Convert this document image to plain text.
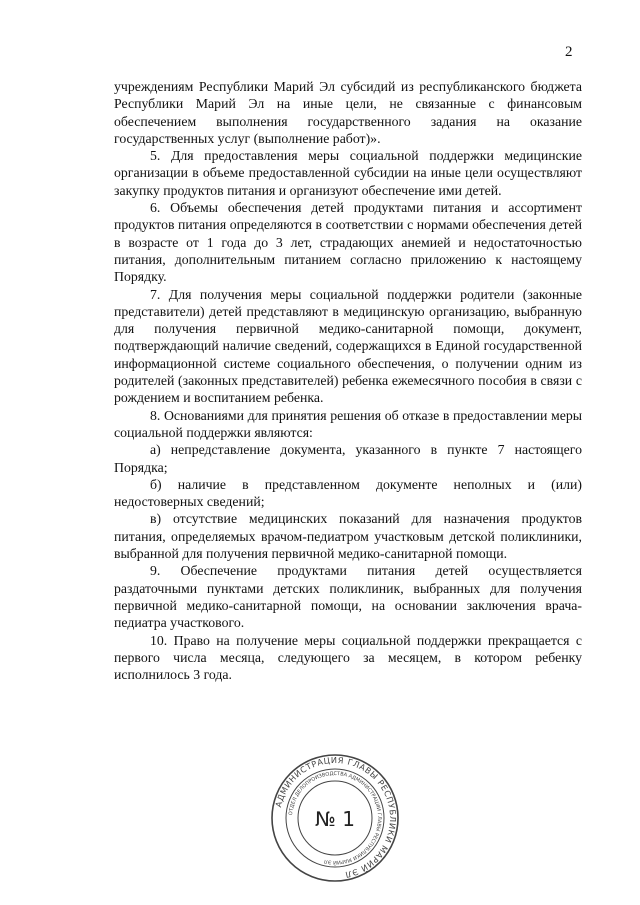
2

учреждениям Республики Марий Эл субсидий из республиканского бюджета Республики Марий Эл на иные цели, не связанные с финансовым обеспечением выполнения государственного задания на оказание государственных услуг (выполнение работ)».

5. Для предоставления меры социальной поддержки медицинские организации в объеме предоставленной субсидии на иные цели осуществляют закупку продуктов питания и организуют обеспечение ими детей.

6. Объемы обеспечения детей продуктами питания и ассортимент продуктов питания определяются в соответствии с нормами обеспечения детей в возрасте от 1 года до 3 лет, страдающих анемией и недостаточностью питания, дополнительным питанием согласно приложению к настоящему Порядку.

7. Для получения меры социальной поддержки родители (законные представители) детей представляют в медицинскую организацию, выбранную для получения первичной медико-санитарной помощи, документ, подтверждающий наличие сведений, содержащихся в Единой государственной информационной системе социального обеспечения, о получении одним из родителей (законных представителей) ребенка ежемесячного пособия в связи с рождением и воспитанием ребенка.

8. Основаниями для принятия решения об отказе в предоставлении меры социальной поддержки являются:

а) непредставление документа, указанного в пункте 7 настоящего Порядка;

б) наличие в представленном документе неполных и (или) недостоверных сведений;

в) отсутствие медицинских показаний для назначения продуктов питания, определяемых врачом-педиатром участковым детской поликлиники, выбранной для получения первичной медико-санитарной помощи.

9. Обеспечение продуктами питания детей осуществляется раздаточными пунктами детских поликлиник, выбранных для получения первичной медико-санитарной помощи, на основании заключения врача-педиатра участкового.

10. Право на получение меры социальной поддержки прекращается с первого числа месяца, следующего за месяцем, в котором ребенку исполнилось 3 года.

АДМИНИСТРАЦИЯ ГЛАВЫ РЕСПУБЛИКИ МАРИЙ ЭЛ
ОТДЕЛ ДЕЛОПРОИЗВОДСТВА АДМИНИСТРАЦИИ ГЛАВЫ РЕСПУБЛИКИ МАРИЙ ЭЛ
№ 1
